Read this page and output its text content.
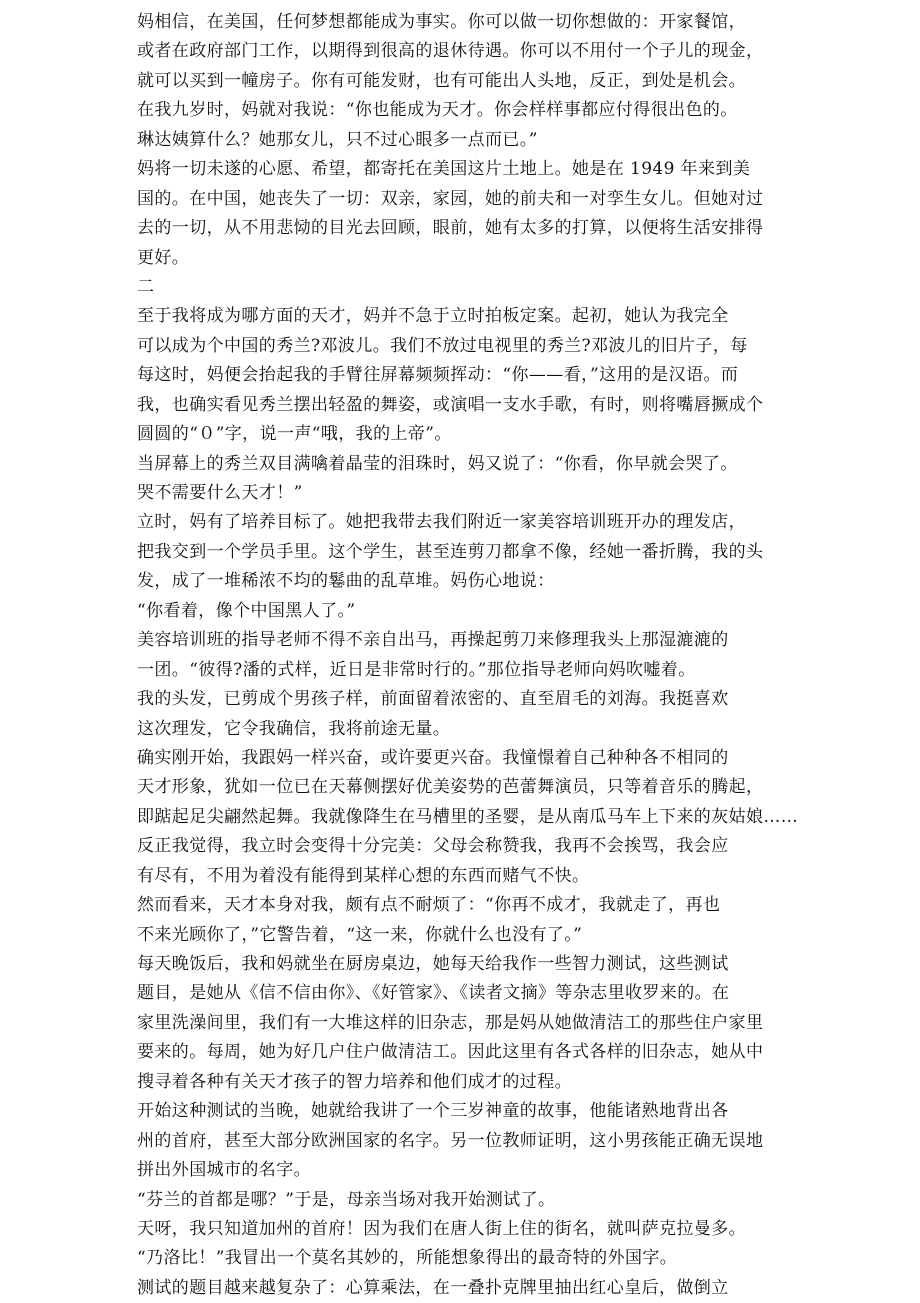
妈相信，在美国，任何梦想都能成为事实。你可以做一切你想做的：开家餐馆，
或者在政府部门工作，以期得到很高的退休待遇。你可以不用付一个子儿的现金，
就可以买到一幢房子。你有可能发财，也有可能出人头地，反正，到处是机会。
在我九岁时，妈就对我说：“你也能成为天才。你会样样事都应付得很出色的。
琳达姨算什么？她那女儿，只不过心眼多一点而已。”
妈将一切未遂的心愿、希望，都寄托在美国这片土地上。她是在 1949 年来到美
国的。在中国，她丧失了一切：双亲，家园，她的前夫和一对孪生女儿。但她对过
去的一切，从不用悲恸的目光去回顾，眼前，她有太多的打算，以便将生活安排得
更好。
二
至于我将成为哪方面的天才，妈并不急于立时拍板定案。起初，她认为我完全
可以成为个中国的秀兰?邓波儿。我们不放过电视里的秀兰?邓波儿的旧片子，每
每这时，妈便会抬起我的手臂往屏幕频频挥动：“你——看，”这用的是汉语。而
我，也确实看见秀兰摆出轻盈的舞姿，或演唱一支水手歌，有时，则将嘴唇撅成个
圆圆的“０”字，说一声“哦，我的上帝”。
当屏幕上的秀兰双目满噙着晶莹的泪珠时，妈又说了：“你看，你早就会哭了。
哭不需要什么天才！”
立时，妈有了培养目标了。她把我带去我们附近一家美容培训班开办的理发店，
把我交到一个学员手里。这个学生，甚至连剪刀都拿不像，经她一番折腾，我的头
发，成了一堆稀浓不均的鬈曲的乱草堆。妈伤心地说：
“你看着，像个中国黑人了。”
美容培训班的指导老师不得不亲自出马，再操起剪刀来修理我头上那湿漉漉的
一团。“彼得?潘的式样，近日是非常时行的。”那位指导老师向妈吹嘘着。
我的头发，已剪成个男孩子样，前面留着浓密的、直至眉毛的刘海。我挺喜欢
这次理发，它令我确信，我将前途无量。
确实刚开始，我跟妈一样兴奋，或许要更兴奋。我憧憬着自己种种各不相同的
天才形象，犹如一位已在天幕侧摆好优美姿势的芭蕾舞演员，只等着音乐的腾起，
即踮起足尖翩然起舞。我就像降生在马槽里的圣婴，是从南瓜马车上下来的灰姑娘……
反正我觉得，我立时会变得十分完美：父母会称赞我，我再不会挨骂，我会应
有尽有，不用为着没有能得到某样心想的东西而赌气不快。
然而看来，天才本身对我，颇有点不耐烦了：“你再不成才，我就走了，再也
不来光顾你了，”它警告着，“这一来，你就什么也没有了。”
每天晚饭后，我和妈就坐在厨房桌边，她每天给我作一些智力测试，这些测试
题目，是她从《信不信由你》、《好管家》、《读者文摘》等杂志里收罗来的。在
家里洗澡间里，我们有一大堆这样的旧杂志，那是妈从她做清洁工的那些住户家里
要来的。每周，她为好几户住户做清洁工。因此这里有各式各样的旧杂志，她从中
搜寻着各种有关天才孩子的智力培养和他们成才的过程。
开始这种测试的当晚，她就给我讲了一个三岁神童的故事，他能诸熟地背出各
州的首府，甚至大部分欧洲国家的名字。另一位教师证明，这小男孩能正确无误地
拼出外国城市的名字。
“芬兰的首都是哪？”于是，母亲当场对我开始测试了。
天呀，我只知道加州的首府！因为我们在唐人街上住的街名，就叫萨克拉曼多。
“乃洛比！”我冒出一个莫名其妙的，所能想象得出的最奇特的外国字。
测试的题目越来越复杂了：心算乘法，在一叠扑克牌里抽出红心皇后，做倒立
